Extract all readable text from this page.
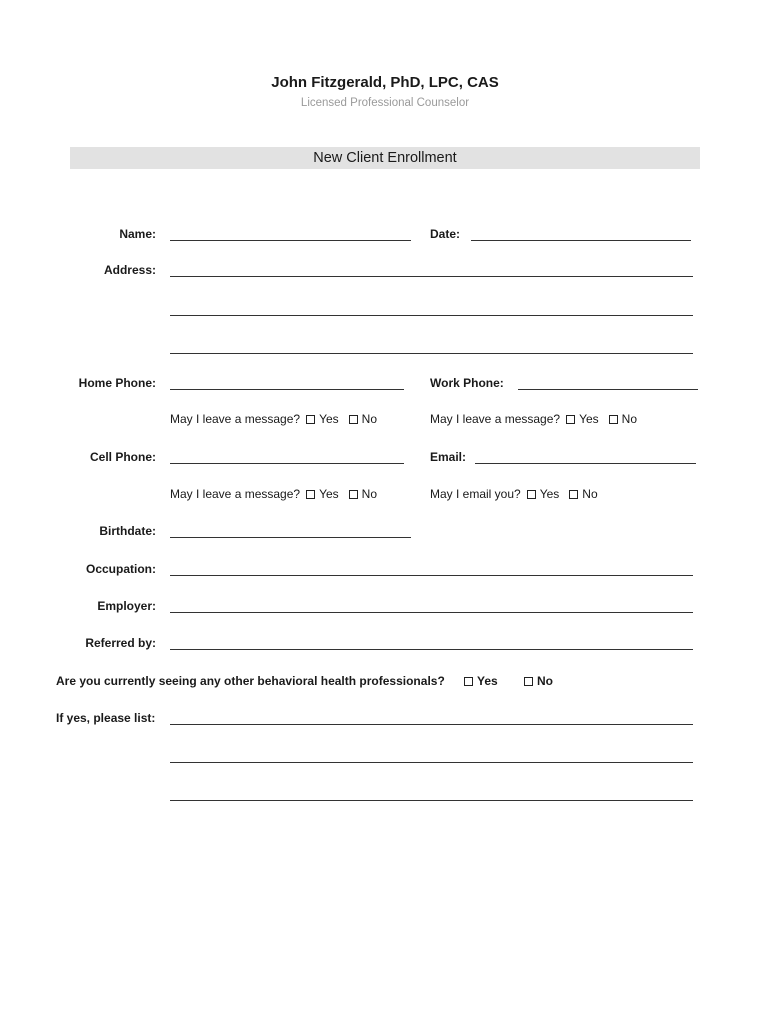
John Fitzgerald, PhD, LPC, CAS
Licensed Professional Counselor
New Client Enrollment
Name:	Date:
Address:
Home Phone:	Work Phone:
May I leave a message? Yes No	May I leave a message? Yes No
Cell Phone:	Email:
May I leave a message? Yes No	May I email you? Yes No
Birthdate:
Occupation:
Employer:
Referred by:
Are you currently seeing any other behavioral health professionals?	Yes	No
If yes, please list:
